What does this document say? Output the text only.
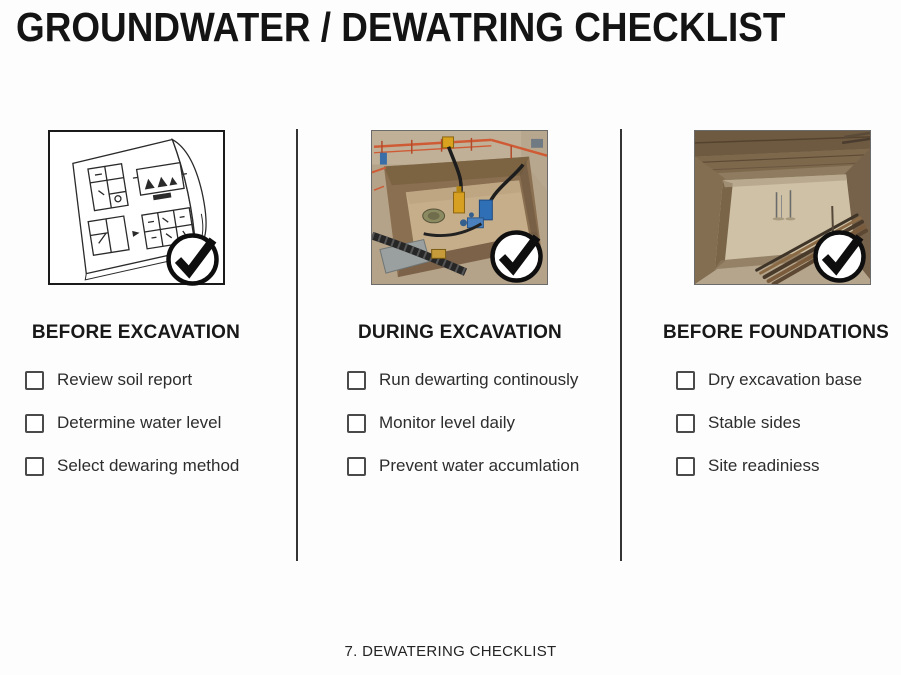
GROUNDWATER / DEWATRING CHECKLIST
BEFORE EXCAVATION	DURING EXCAVATION	BEFORE FOUNDATIONS
Review soil report
Determine water level
Select dewaring method
Run dewarting continously
Monitor level daily
Prevent water accumlation
Dry excavation base
Stable sides
Site readiniess
7. DEWATERING CHECKLIST
